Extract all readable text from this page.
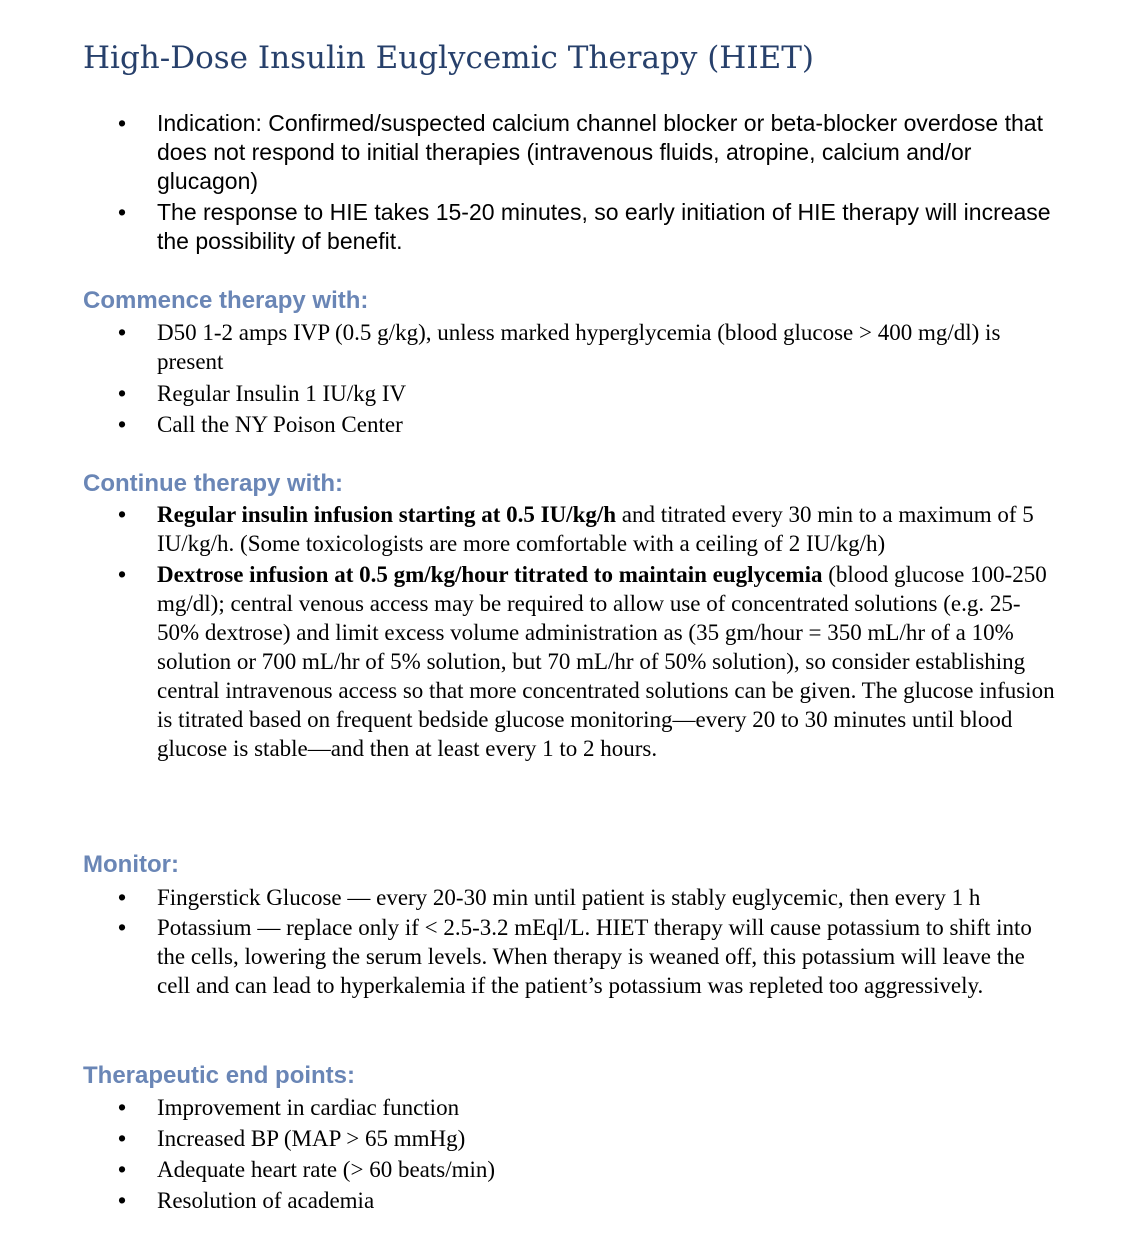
High-Dose Insulin Euglycemic Therapy (HIET)
• Indication: Confirmed/suspected calcium channel blocker or beta-blocker overdose that does not respond to initial therapies (intravenous fluids, atropine, calcium and/or glucagon)
• The response to HIE takes 15-20 minutes, so early initiation of HIE therapy will increase the possibility of benefit.
Commence therapy with:
• D50 1-2 amps IVP (0.5 g/kg), unless marked hyperglycemia (blood glucose > 400 mg/dl) is present
• Regular Insulin 1 IU/kg IV
• Call the NY Poison Center
Continue therapy with:
• Regular insulin infusion starting at 0.5 IU/kg/h and titrated every 30 min to a maximum of 5 IU/kg/h. (Some toxicologists are more comfortable with a ceiling of 2 IU/kg/h)
• Dextrose infusion at 0.5 gm/kg/hour titrated to maintain euglycemia (blood glucose 100-250 mg/dl); central venous access may be required to allow use of concentrated solutions (e.g. 25-50% dextrose) and limit excess volume administration as (35 gm/hour = 350 mL/hr of a 10% solution or 700 mL/hr of 5% solution, but 70 mL/hr of 50% solution), so consider establishing central intravenous access so that more concentrated solutions can be given. The glucose infusion is titrated based on frequent bedside glucose monitoring—every 20 to 30 minutes until blood glucose is stable—and then at least every 1 to 2 hours.
Monitor:
• Fingerstick Glucose — every 20-30 min until patient is stably euglycemic, then every 1 h
• Potassium — replace only if < 2.5-3.2 mEql/L. HIET therapy will cause potassium to shift into the cells, lowering the serum levels. When therapy is weaned off, this potassium will leave the cell and can lead to hyperkalemia if the patient’s potassium was repleted too aggressively.
Therapeutic end points:
• Improvement in cardiac function
• Increased BP (MAP > 65 mmHg)
• Adequate heart rate (> 60 beats/min)
• Resolution of academia
